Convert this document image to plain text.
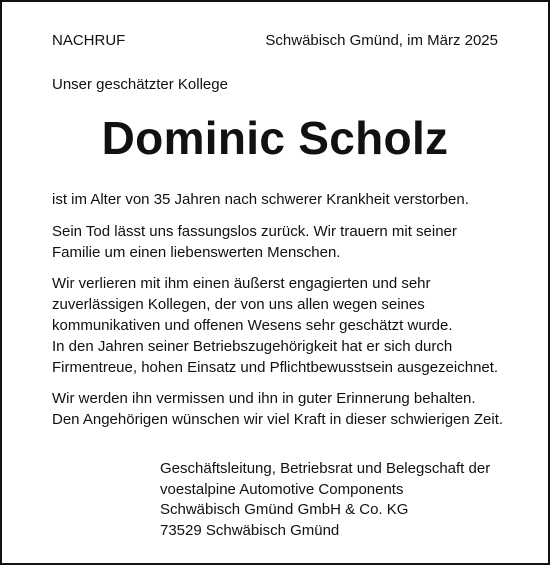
NACHRUF	Schwäbisch Gmünd, im März 2025
Unser geschätzter Kollege
Dominic Scholz

ist im Alter von 35 Jahren nach schwerer Krankheit verstorben.

Sein Tod lässt uns fassungslos zurück. Wir trauern mit seiner
Familie um einen liebenswerten Menschen.

Wir verlieren mit ihm einen äußerst engagierten und sehr
zuverlässigen Kollegen, der von uns allen wegen seines
kommunikativen und offenen Wesens sehr geschätzt wurde.
In den Jahren seiner Betriebszugehörigkeit hat er sich durch
Firmentreue, hohen Einsatz und Pflichtbewusstsein ausgezeichnet.

Wir werden ihn vermissen und ihn in guter Erinnerung behalten.
Den Angehörigen wünschen wir viel Kraft in dieser schwierigen Zeit.

Geschäftsleitung, Betriebsrat und Belegschaft der
voestalpine Automotive Components
Schwäbisch Gmünd GmbH & Co. KG
73529 Schwäbisch Gmünd
